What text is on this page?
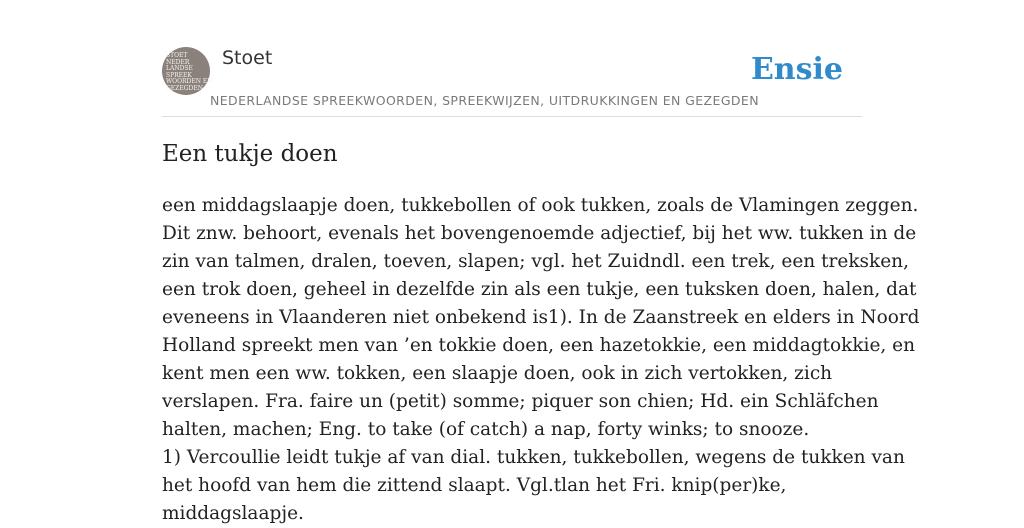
STOET
NEDER
LANDSE
SPREEK
WOORDEN EN
GEZEGDEN
Stoet
NEDERLANDSE SPREEKWOORDEN, SPREEKWIJZEN, UITDRUKKINGEN EN GEZEGDEN
Ensie
Een tukje doen
een middagslaapje doen, tukkebollen of ook tukken, zoals de Vlamingen zeggen.
Dit znw. behoort, evenals het bovengenoemde adjectief, bij het ww. tukken in de
zin van talmen, dralen, toeven, slapen; vgl. het Zuidndl. een trek, een treksken,
een trok doen, geheel in dezelfde zin als een tukje, een tuksken doen, halen, dat
eveneens in Vlaanderen niet onbekend is1). In de Zaanstreek en elders in Noord
Holland spreekt men van ’en tokkie doen, een hazetokkie, een middagtokkie, en
kent men een ww. tokken, een slaapje doen, ook in zich vertokken, zich
verslapen. Fra. faire un (petit) somme; piquer son chien; Hd. ein Schläfchen
halten, machen; Eng. to take (of catch) a nap, forty winks; to snooze.
1) Vercoullie leidt tukje af van dial. tukken, tukkebollen, wegens de tukken van
het hoofd van hem die zittend slaapt. Vgl.tlan het Fri. knip(per)ke,
middagslaapje.
